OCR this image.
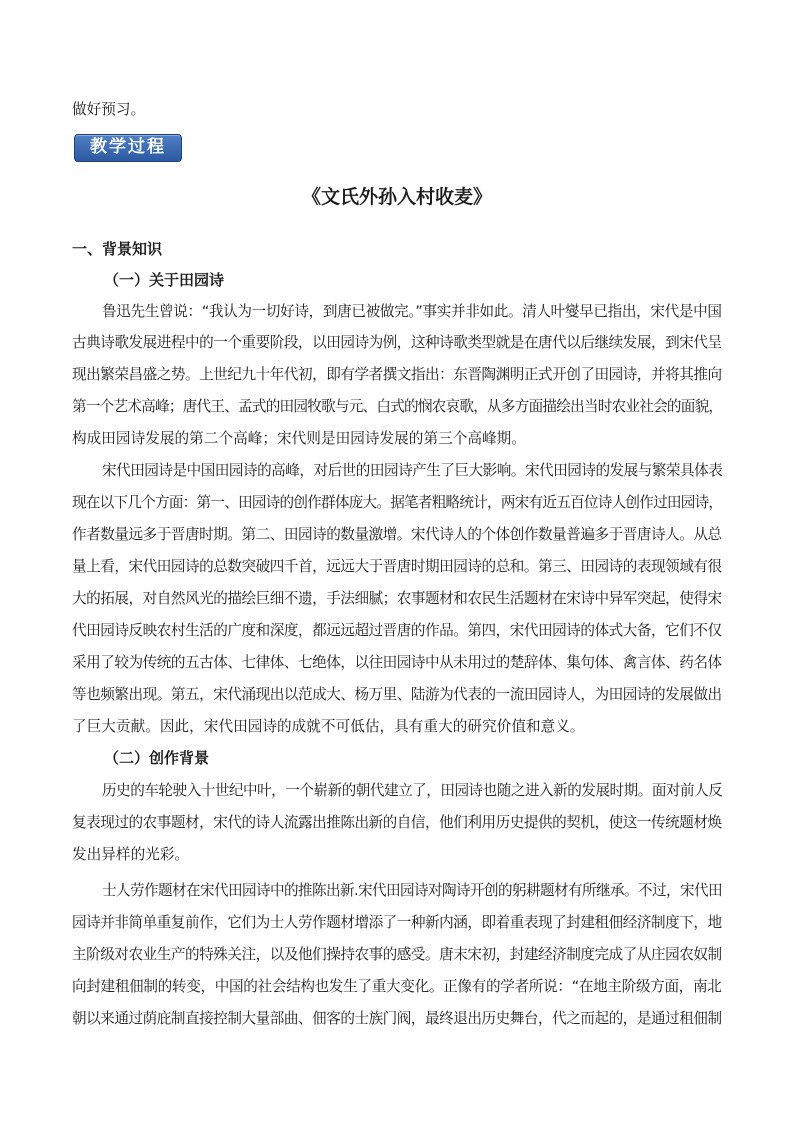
做好预习。
教学过程
《文氏外孙入村收麦》
一、背景知识
（一）关于田园诗
鲁迅先生曾说：“我认为一切好诗，到唐已被做完。”事实并非如此。清人叶燮早已指出，宋代是中国
古典诗歌发展进程中的一个重要阶段，以田园诗为例，这种诗歌类型就是在唐代以后继续发展，到宋代呈
现出繁荣昌盛之势。上世纪九十年代初，即有学者撰文指出：东晋陶渊明正式开创了田园诗，并将其推向
第一个艺术高峰；唐代王、孟式的田园牧歌与元、白式的悯农哀歌，从多方面描绘出当时农业社会的面貌，
构成田园诗发展的第二个高峰；宋代则是田园诗发展的第三个高峰期。
宋代田园诗是中国田园诗的高峰，对后世的田园诗产生了巨大影响。宋代田园诗的发展与繁荣具体表
现在以下几个方面：第一、田园诗的创作群体庞大。据笔者粗略统计，两宋有近五百位诗人创作过田园诗，
作者数量远多于晋唐时期。第二、田园诗的数量激增。宋代诗人的个体创作数量普遍多于晋唐诗人。从总
量上看，宋代田园诗的总数突破四千首，远远大于晋唐时期田园诗的总和。第三、田园诗的表现领域有很
大的拓展，对自然风光的描绘巨细不遗，手法细腻；农事题材和农民生活题材在宋诗中异军突起，使得宋
代田园诗反映农村生活的广度和深度，都远远超过晋唐的作品。第四，宋代田园诗的体式大备，它们不仅
采用了较为传统的五古体、七律体、七绝体，以往田园诗中从未用过的楚辞体、集句体、禽言体、药名体
等也频繁出现。第五，宋代涌现出以范成大、杨万里、陆游为代表的一流田园诗人，为田园诗的发展做出
了巨大贡献。因此，宋代田园诗的成就不可低估，具有重大的研究价值和意义。
（二）创作背景
历史的车轮驶入十世纪中叶，一个崭新的朝代建立了，田园诗也随之进入新的发展时期。面对前人反
复表现过的农事题材，宋代的诗人流露出推陈出新的自信，他们利用历史提供的契机，使这一传统题材焕
发出异样的光彩。
士人劳作题材在宋代田园诗中的推陈出新.宋代田园诗对陶诗开创的躬耕题材有所继承。不过，宋代田
园诗并非简单重复前作，它们为士人劳作题材增添了一种新内涵，即着重表现了封建租佃经济制度下，地
主阶级对农业生产的特殊关注，以及他们操持农事的感受。唐末宋初，封建经济制度完成了从庄园农奴制
向封建租佃制的转变，中国的社会结构也发生了重大变化。正像有的学者所说：“在地主阶级方面，南北
朝以来通过荫庇制直接控制大量部曲、佃客的士族门阀，最终退出历史舞台，代之而起的，是通过租佃制
